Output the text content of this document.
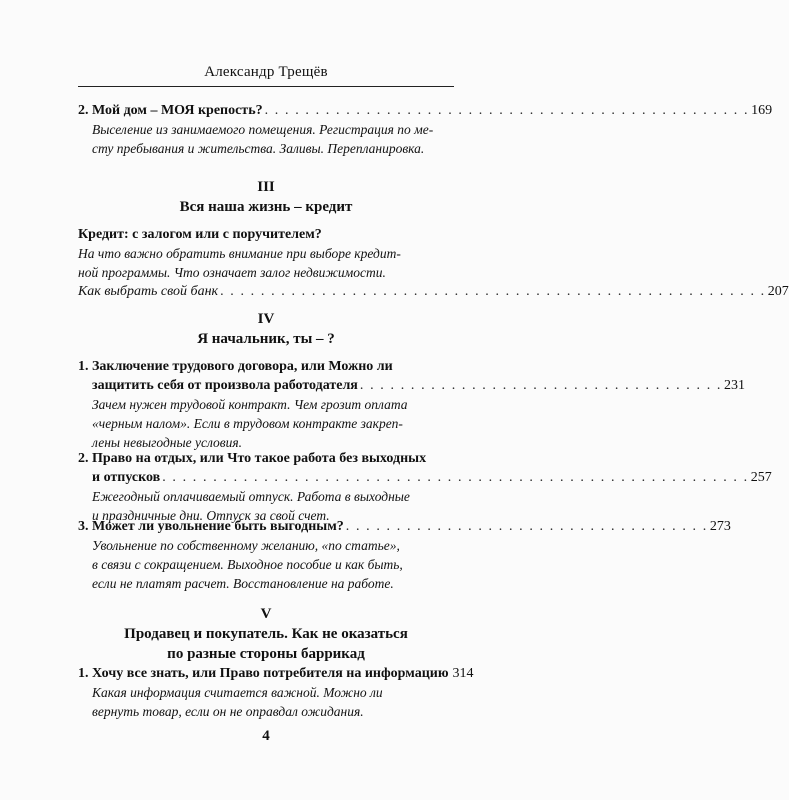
Александр Трещёв
2. Мой дом – МОЯ крепость? . . . . . . . . . . . . . . . . . . . . . . . . . . . . . . . . . . . . . . . . . . . . . . . . 169
Выселение из занимаемого помещения. Регистрация по ме-
сту пребывания и жительства. Заливы. Перепланировка.
III
Вся наша жизнь – кредит
Кредит: с залогом или с поручителем?
На что важно обратить внимание при выборе кредит-
ной программы. Что означает залог недвижимости.
Как выбрать свой банк . . . . . . . . . . . . . . . . . . . . . . . . . . . . . . . . . . . . . . . . . . . . . . . . . . . . . . 207
IV
Я начальник, ты – ?
1. Заключение трудового договора, или Можно ли
защитить себя от произвола работодателя . . . . . . . . . . . . . . . . . . . . . . . . . . . . . . . . . . . . 231
Зачем нужен трудовой контракт. Чем грозит оплата
«черным налом». Если в трудовом контракте закреп-
лены невыгодные условия.
2. Право на отдых, или Что такое работа без выходных
и отпусков . . . . . . . . . . . . . . . . . . . . . . . . . . . . . . . . . . . . . . . . . . . . . . . . . . . . . . . . . . 257
Ежегодный оплачиваемый отпуск. Работа в выходные
и праздничные дни. Отпуск за свой счет.
3. Может ли увольнение быть выгодным? . . . . . . . . . . . . . . . . . . . . . . . . . . . . . . . . . . . . 273
Увольнение по собственному желанию, «по статье»,
в связи с сокращением. Выходное пособие и как быть,
если не платят расчет. Восстановление на работе.
V
Продавец и покупатель. Как не оказаться
по разные стороны баррикад
1. Хочу все знать, или Право потребителя на информацию 314
Какая информация считается важной. Можно ли
вернуть товар, если он не оправдал ожидания.
4
